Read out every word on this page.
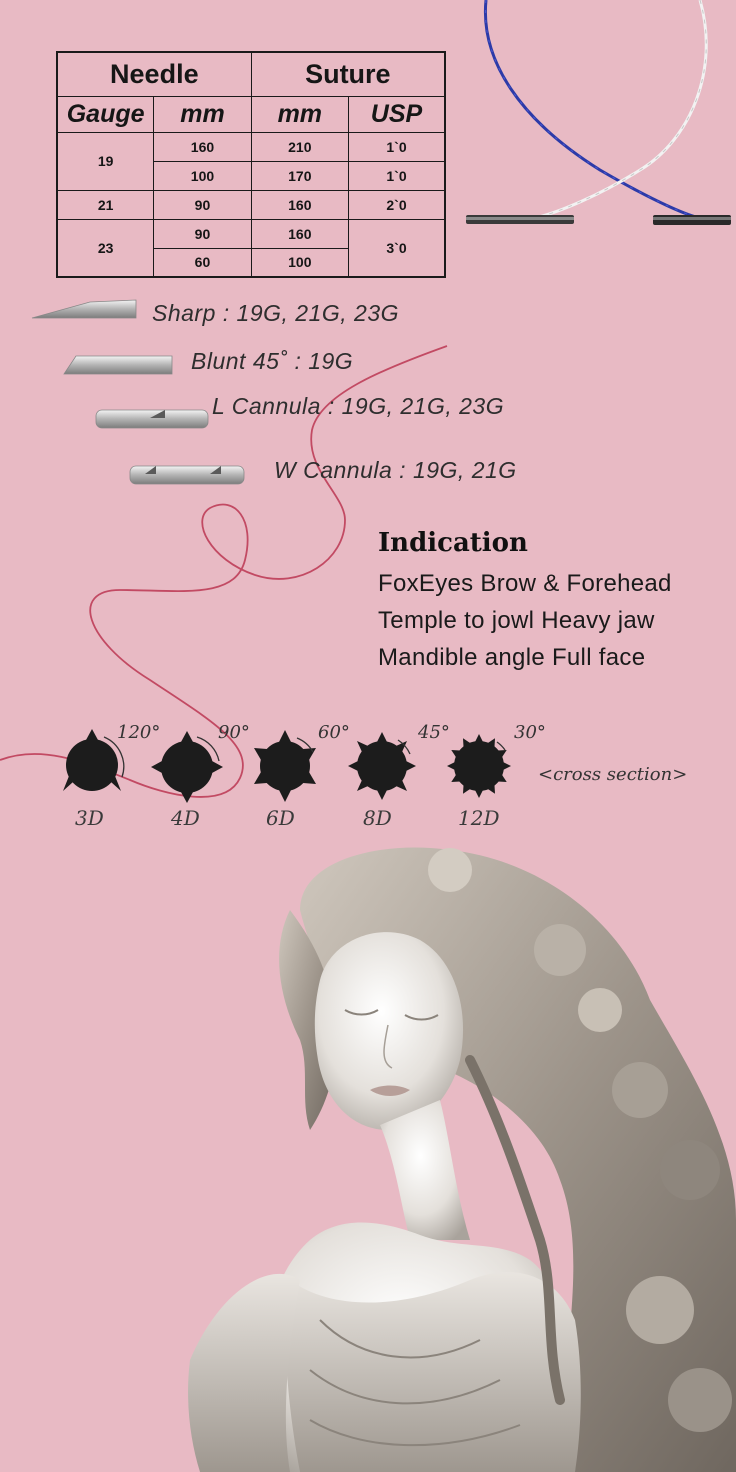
Needle		Suture	
Gauge	mm	mm	USP
19	160	210	1`0
	100	170	1`0
21	90	160	2`0
23	90	160	3`0
	60	100	
Sharp : 19G, 21G, 23G
Blunt 45˚ : 19G
L Cannula : 19G, 21G, 23G
W Cannula : 19G, 21G
Indication
FoxEyes Brow & Forehead
Temple to jowl Heavy jaw
Mandible angle Full face
120°	90°	60°	45°	30°
3D	4D	6D	8D	12D
<cross section>
